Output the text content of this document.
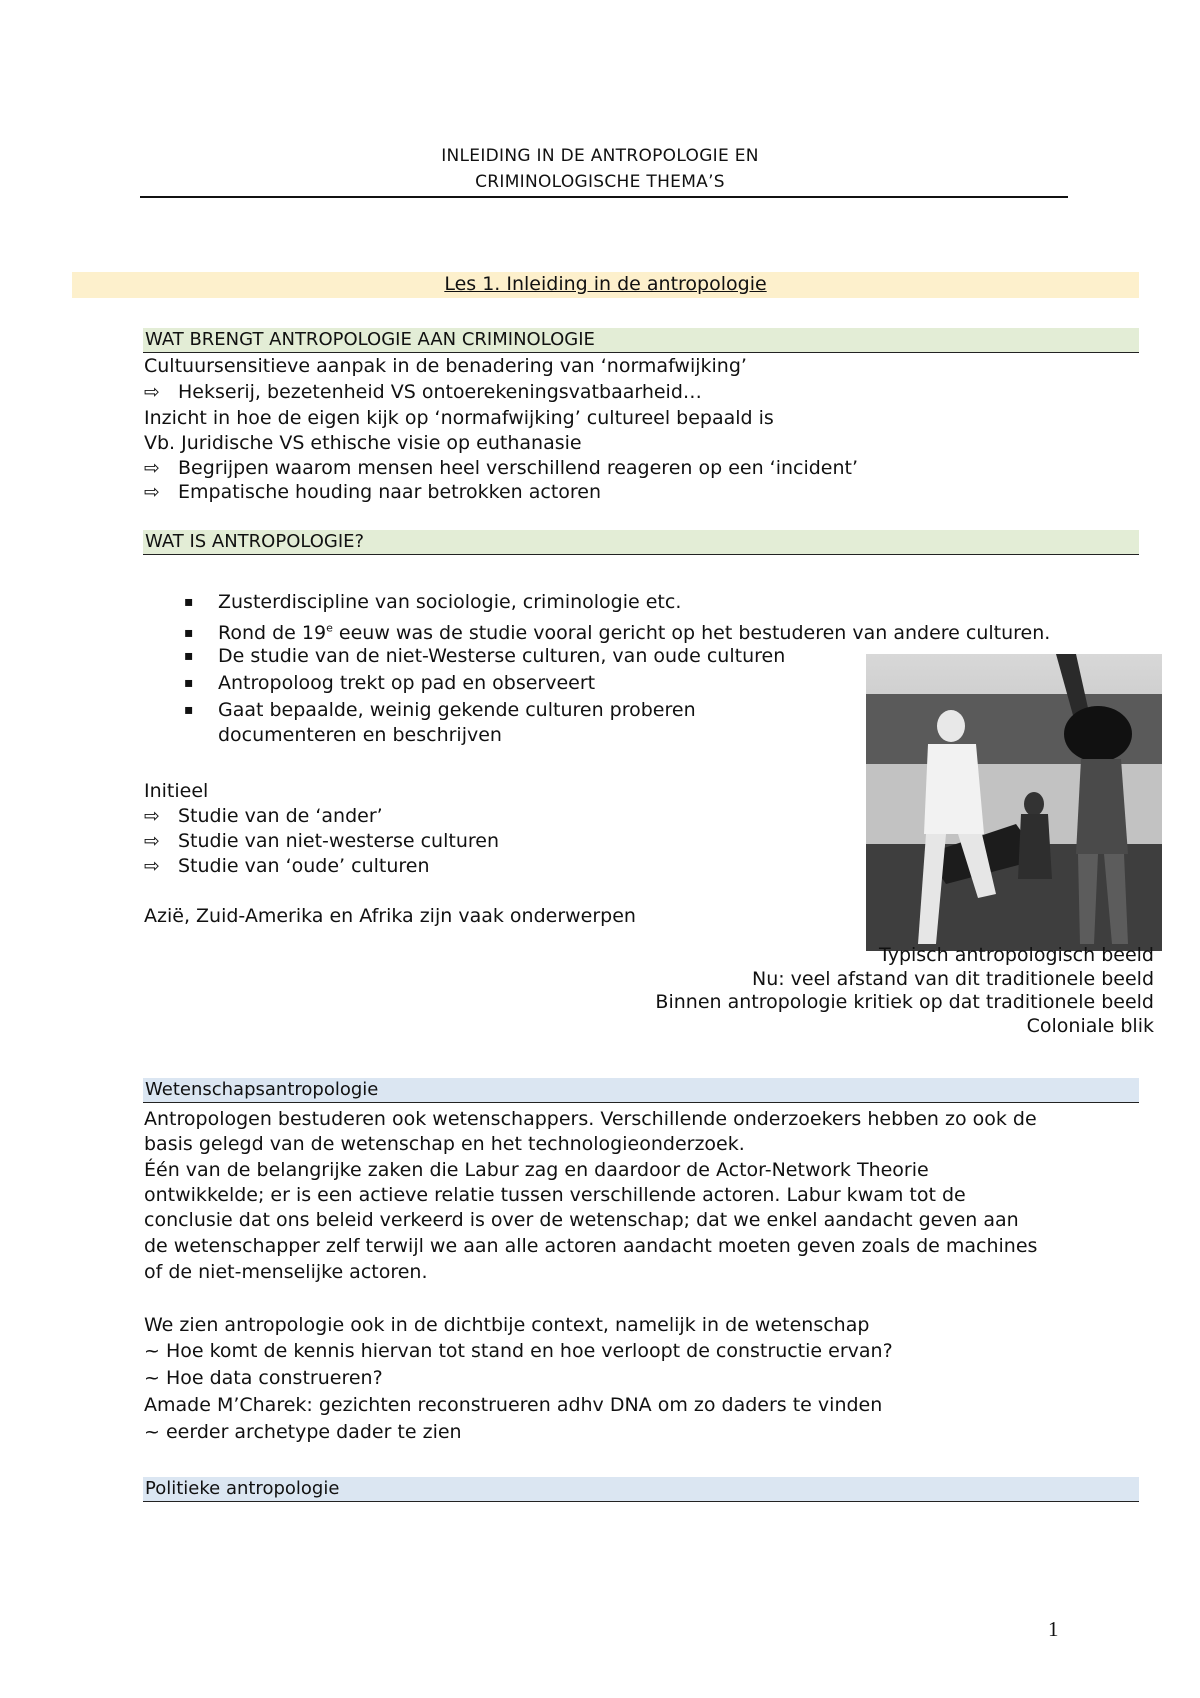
INLEIDING IN DE ANTROPOLOGIE EN
CRIMINOLOGISCHE THEMA’S
Les 1. Inleiding in de antropologie
WAT BRENGT ANTROPOLOGIE AAN CRIMINOLOGIE
Cultuursensitieve aanpak in de benadering van ‘normafwijking’
⇨ Hekserij, bezetenheid VS ontoerekeningsvatbaarheid…
Inzicht in hoe de eigen kijk op ‘normafwijking’ cultureel bepaald is
Vb. Juridische VS ethische visie op euthanasie
⇨ Begrijpen waarom mensen heel verschillend reageren op een ‘incident’
⇨ Empatische houding naar betrokken actoren
WAT IS ANTROPOLOGIE?
▪ Zusterdiscipline van sociologie, criminologie etc.
▪ Rond de 19e eeuw was de studie vooral gericht op het bestuderen van andere culturen.
▪ De studie van de niet-Westerse culturen, van oude culturen
▪ Antropoloog trekt op pad en observeert
▪ Gaat bepaalde, weinig gekende culturen proberen
documenteren en beschrijven
Initieel
⇨ Studie van de ‘ander’
⇨ Studie van niet-westerse culturen
⇨ Studie van ‘oude’ culturen
Azië, Zuid-Amerika en Afrika zijn vaak onderwerpen
Typisch antropologisch beeld
Nu: veel afstand van dit traditionele beeld
Binnen antropologie kritiek op dat traditionele beeld
Coloniale blik
Wetenschapsantropologie
Antropologen bestuderen ook wetenschappers. Verschillende onderzoekers hebben zo ook de
basis gelegd van de wetenschap en het technologieonderzoek.
Één van de belangrijke zaken die Labur zag en daardoor de Actor-Network Theorie
ontwikkelde; er is een actieve relatie tussen verschillende actoren. Labur kwam tot de
conclusie dat ons beleid verkeerd is over de wetenschap; dat we enkel aandacht geven aan
de wetenschapper zelf terwijl we aan alle actoren aandacht moeten geven zoals de machines
of de niet-menselijke actoren.
We zien antropologie ook in de dichtbije context, namelijk in de wetenschap
~ Hoe komt de kennis hiervan tot stand en hoe verloopt de constructie ervan?
~ Hoe data construeren?
Amade M’Charek: gezichten reconstrueren adhv DNA om zo daders te vinden
~ eerder archetype dader te zien
Politieke antropologie
1
